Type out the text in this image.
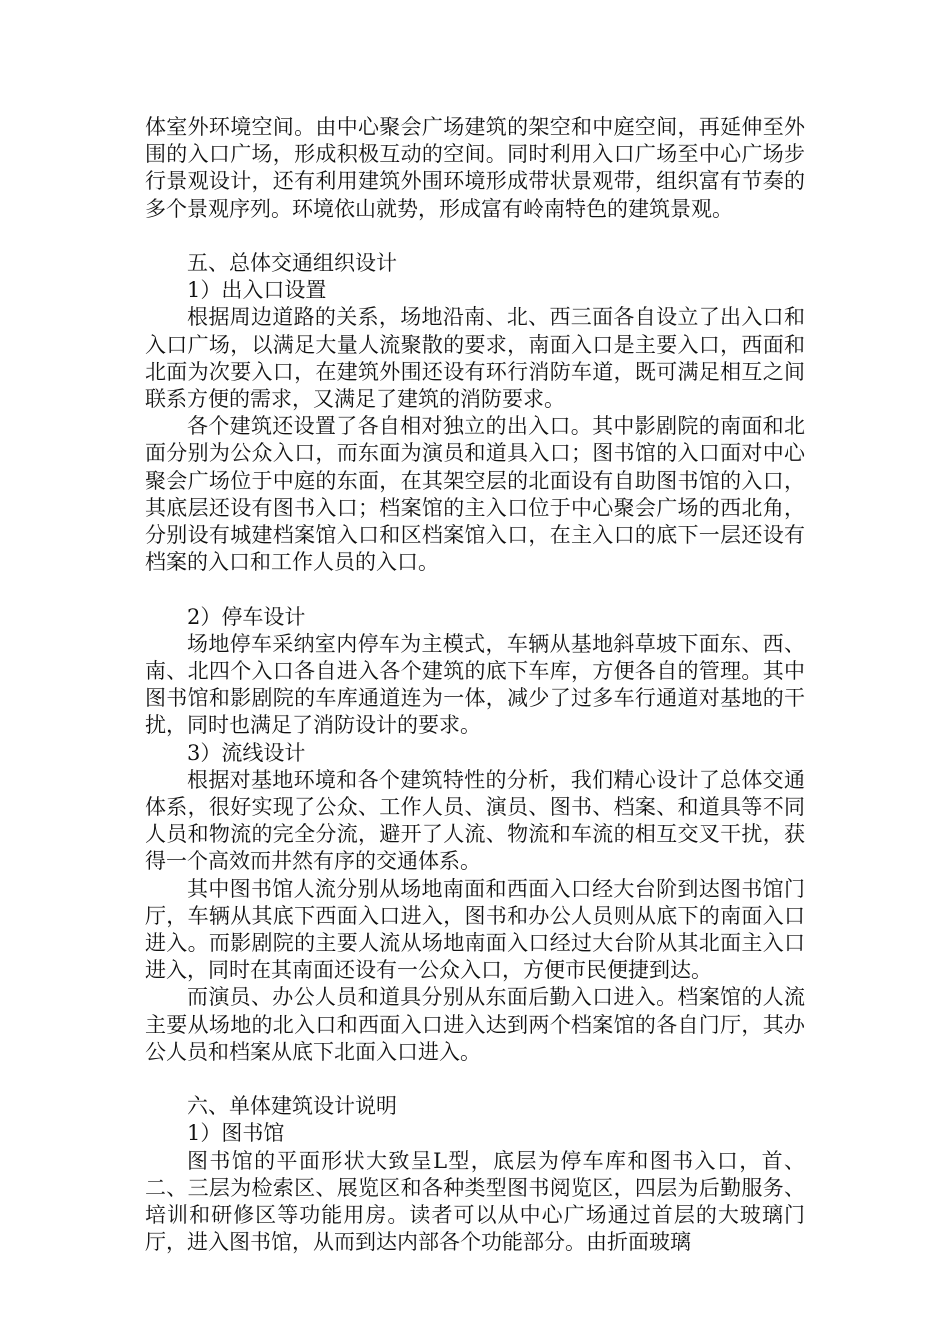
体室外环境空间。由中心聚会广场建筑的架空和中庭空间，再延伸至外围的入口广场，形成积极互动的空间。同时利用入口广场至中心广场步行景观设计，还有利用建筑外围环境形成带状景观带，组织富有节奏的多个景观序列。环境依山就势，形成富有岭南特色的建筑景观。

五、总体交通组织设计

1）出入口设置

根据周边道路的关系，场地沿南、北、西三面各自设立了出入口和入口广场，以满足大量人流聚散的要求，南面入口是主要入口，西面和北面为次要入口，在建筑外围还设有环行消防车道，既可满足相互之间联系方便的需求，又满足了建筑的消防要求。

各个建筑还设置了各自相对独立的出入口。其中影剧院的南面和北面分别为公众入口，而东面为演员和道具入口；图书馆的入口面对中心聚会广场位于中庭的东面，在其架空层的北面设有自助图书馆的入口，其底层还设有图书入口；档案馆的主入口位于中心聚会广场的西北角，分别设有城建档案馆入口和区档案馆入口，在主入口的底下一层还设有档案的入口和工作人员的入口。

2）停车设计

场地停车采纳室内停车为主模式，车辆从基地斜草坡下面东、西、南、北四个入口各自进入各个建筑的底下车库，方便各自的管理。其中图书馆和影剧院的车库通道连为一体，减少了过多车行通道对基地的干扰，同时也满足了消防设计的要求。

3）流线设计

根据对基地环境和各个建筑特性的分析，我们精心设计了总体交通体系，很好实现了公众、工作人员、演员、图书、档案、和道具等不同人员和物流的完全分流，避开了人流、物流和车流的相互交叉干扰，获得一个高效而井然有序的交通体系。

其中图书馆人流分别从场地南面和西面入口经大台阶到达图书馆门厅，车辆从其底下西面入口进入，图书和办公人员则从底下的南面入口进入。而影剧院的主要人流从场地南面入口经过大台阶从其北面主入口进入，同时在其南面还设有一公众入口，方便市民便捷到达。

而演员、办公人员和道具分别从东面后勤入口进入。档案馆的人流主要从场地的北入口和西面入口进入达到两个档案馆的各自门厅，其办公人员和档案从底下北面入口进入。

六、单体建筑设计说明

1）图书馆

图书馆的平面形状大致呈L型，底层为停车库和图书入口，首、二、三层为检索区、展览区和各种类型图书阅览区，四层为后勤服务、培训和研修区等功能用房。读者可以从中心广场通过首层的大玻璃门厅，进入图书馆，从而到达内部各个功能部分。由折面玻璃
